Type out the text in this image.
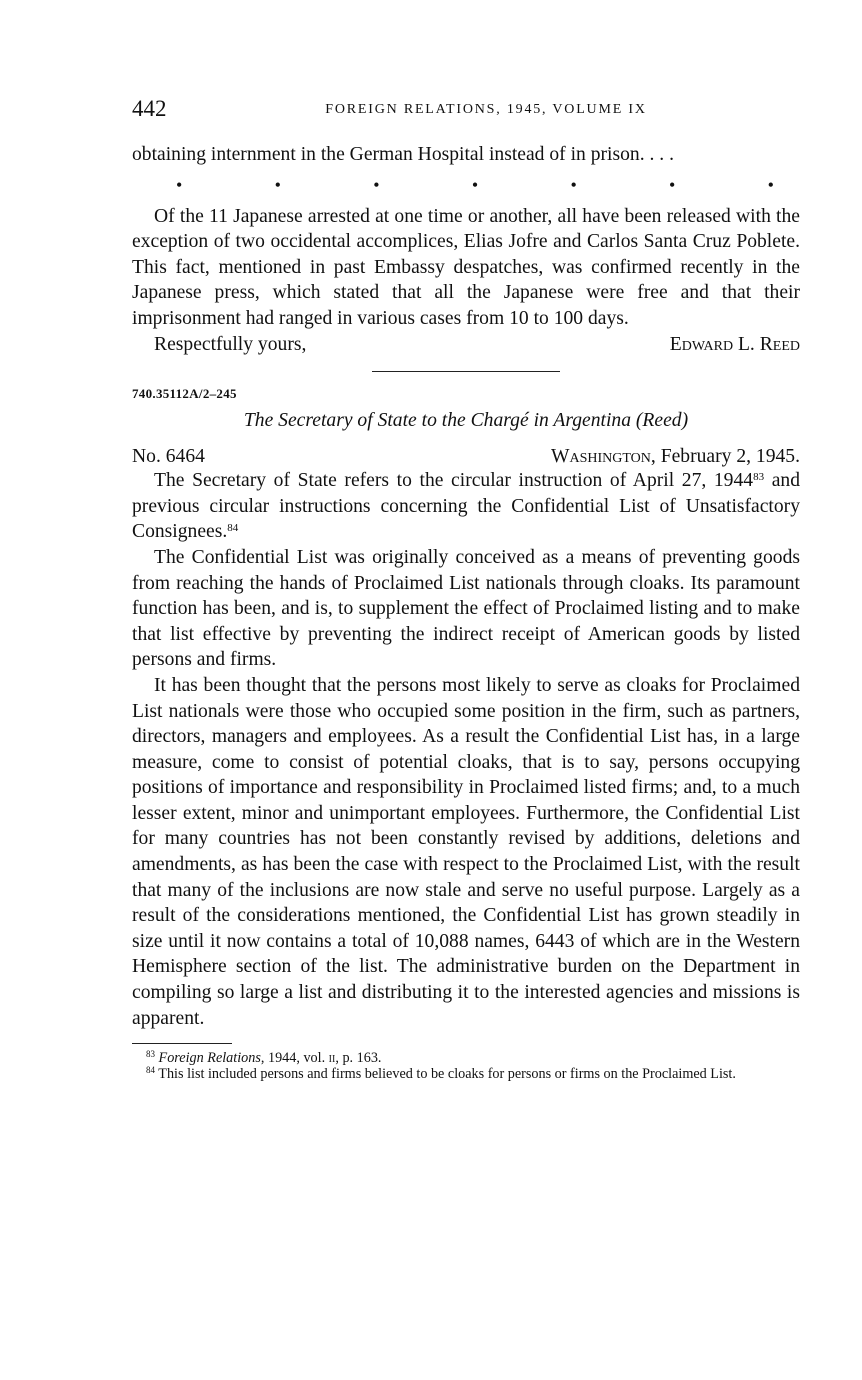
442	FOREIGN RELATIONS, 1945, VOLUME IX

obtaining internment in the German Hospital instead of in prison. . . .

•	•	•	•	•	•	•

Of the 11 Japanese arrested at one time or another, all have been released with the exception of two occidental accomplices, Elias Jofre and Carlos Santa Cruz Poblete. This fact, mentioned in past Embassy despatches, was confirmed recently in the Japanese press, which stated that all the Japanese were free and that their imprisonment had ranged in various cases from 10 to 100 days.

Respectfully yours,	Edward L. Reed
740.35112A/2–245
The Secretary of State to the Chargé in Argentina (Reed)
No. 6464	Washington, February 2, 1945.

The Secretary of State refers to the circular instruction of April 27, 1944$^{83}$ and previous circular instructions concerning the Confidential List of Unsatisfactory Consignees.$^{84}$

The Confidential List was originally conceived as a means of preventing goods from reaching the hands of Proclaimed List nationals through cloaks. Its paramount function has been, and is, to supplement the effect of Proclaimed listing and to make that list effective by preventing the indirect receipt of American goods by listed persons and firms.

It has been thought that the persons most likely to serve as cloaks for Proclaimed List nationals were those who occupied some position in the firm, such as partners, directors, managers and employees. As a result the Confidential List has, in a large measure, come to consist of potential cloaks, that is to say, persons occupying positions of importance and responsibility in Proclaimed listed firms; and, to a much lesser extent, minor and unimportant employees. Furthermore, the Confidential List for many countries has not been constantly revised by additions, deletions and amendments, as has been the case with respect to the Proclaimed List, with the result that many of the inclusions are now stale and serve no useful purpose. Largely as a result of the considerations mentioned, the Confidential List has grown steadily in size until it now contains a total of 10,088 names, 6443 of which are in the Western Hemisphere section of the list. The administrative burden on the Department in compiling so large a list and distributing it to the interested agencies and missions is apparent.

$^{83}$ Foreign Relations, 1944, vol. ii, p. 163.
$^{84}$ This list included persons and firms believed to be cloaks for persons or firms on the Proclaimed List.
